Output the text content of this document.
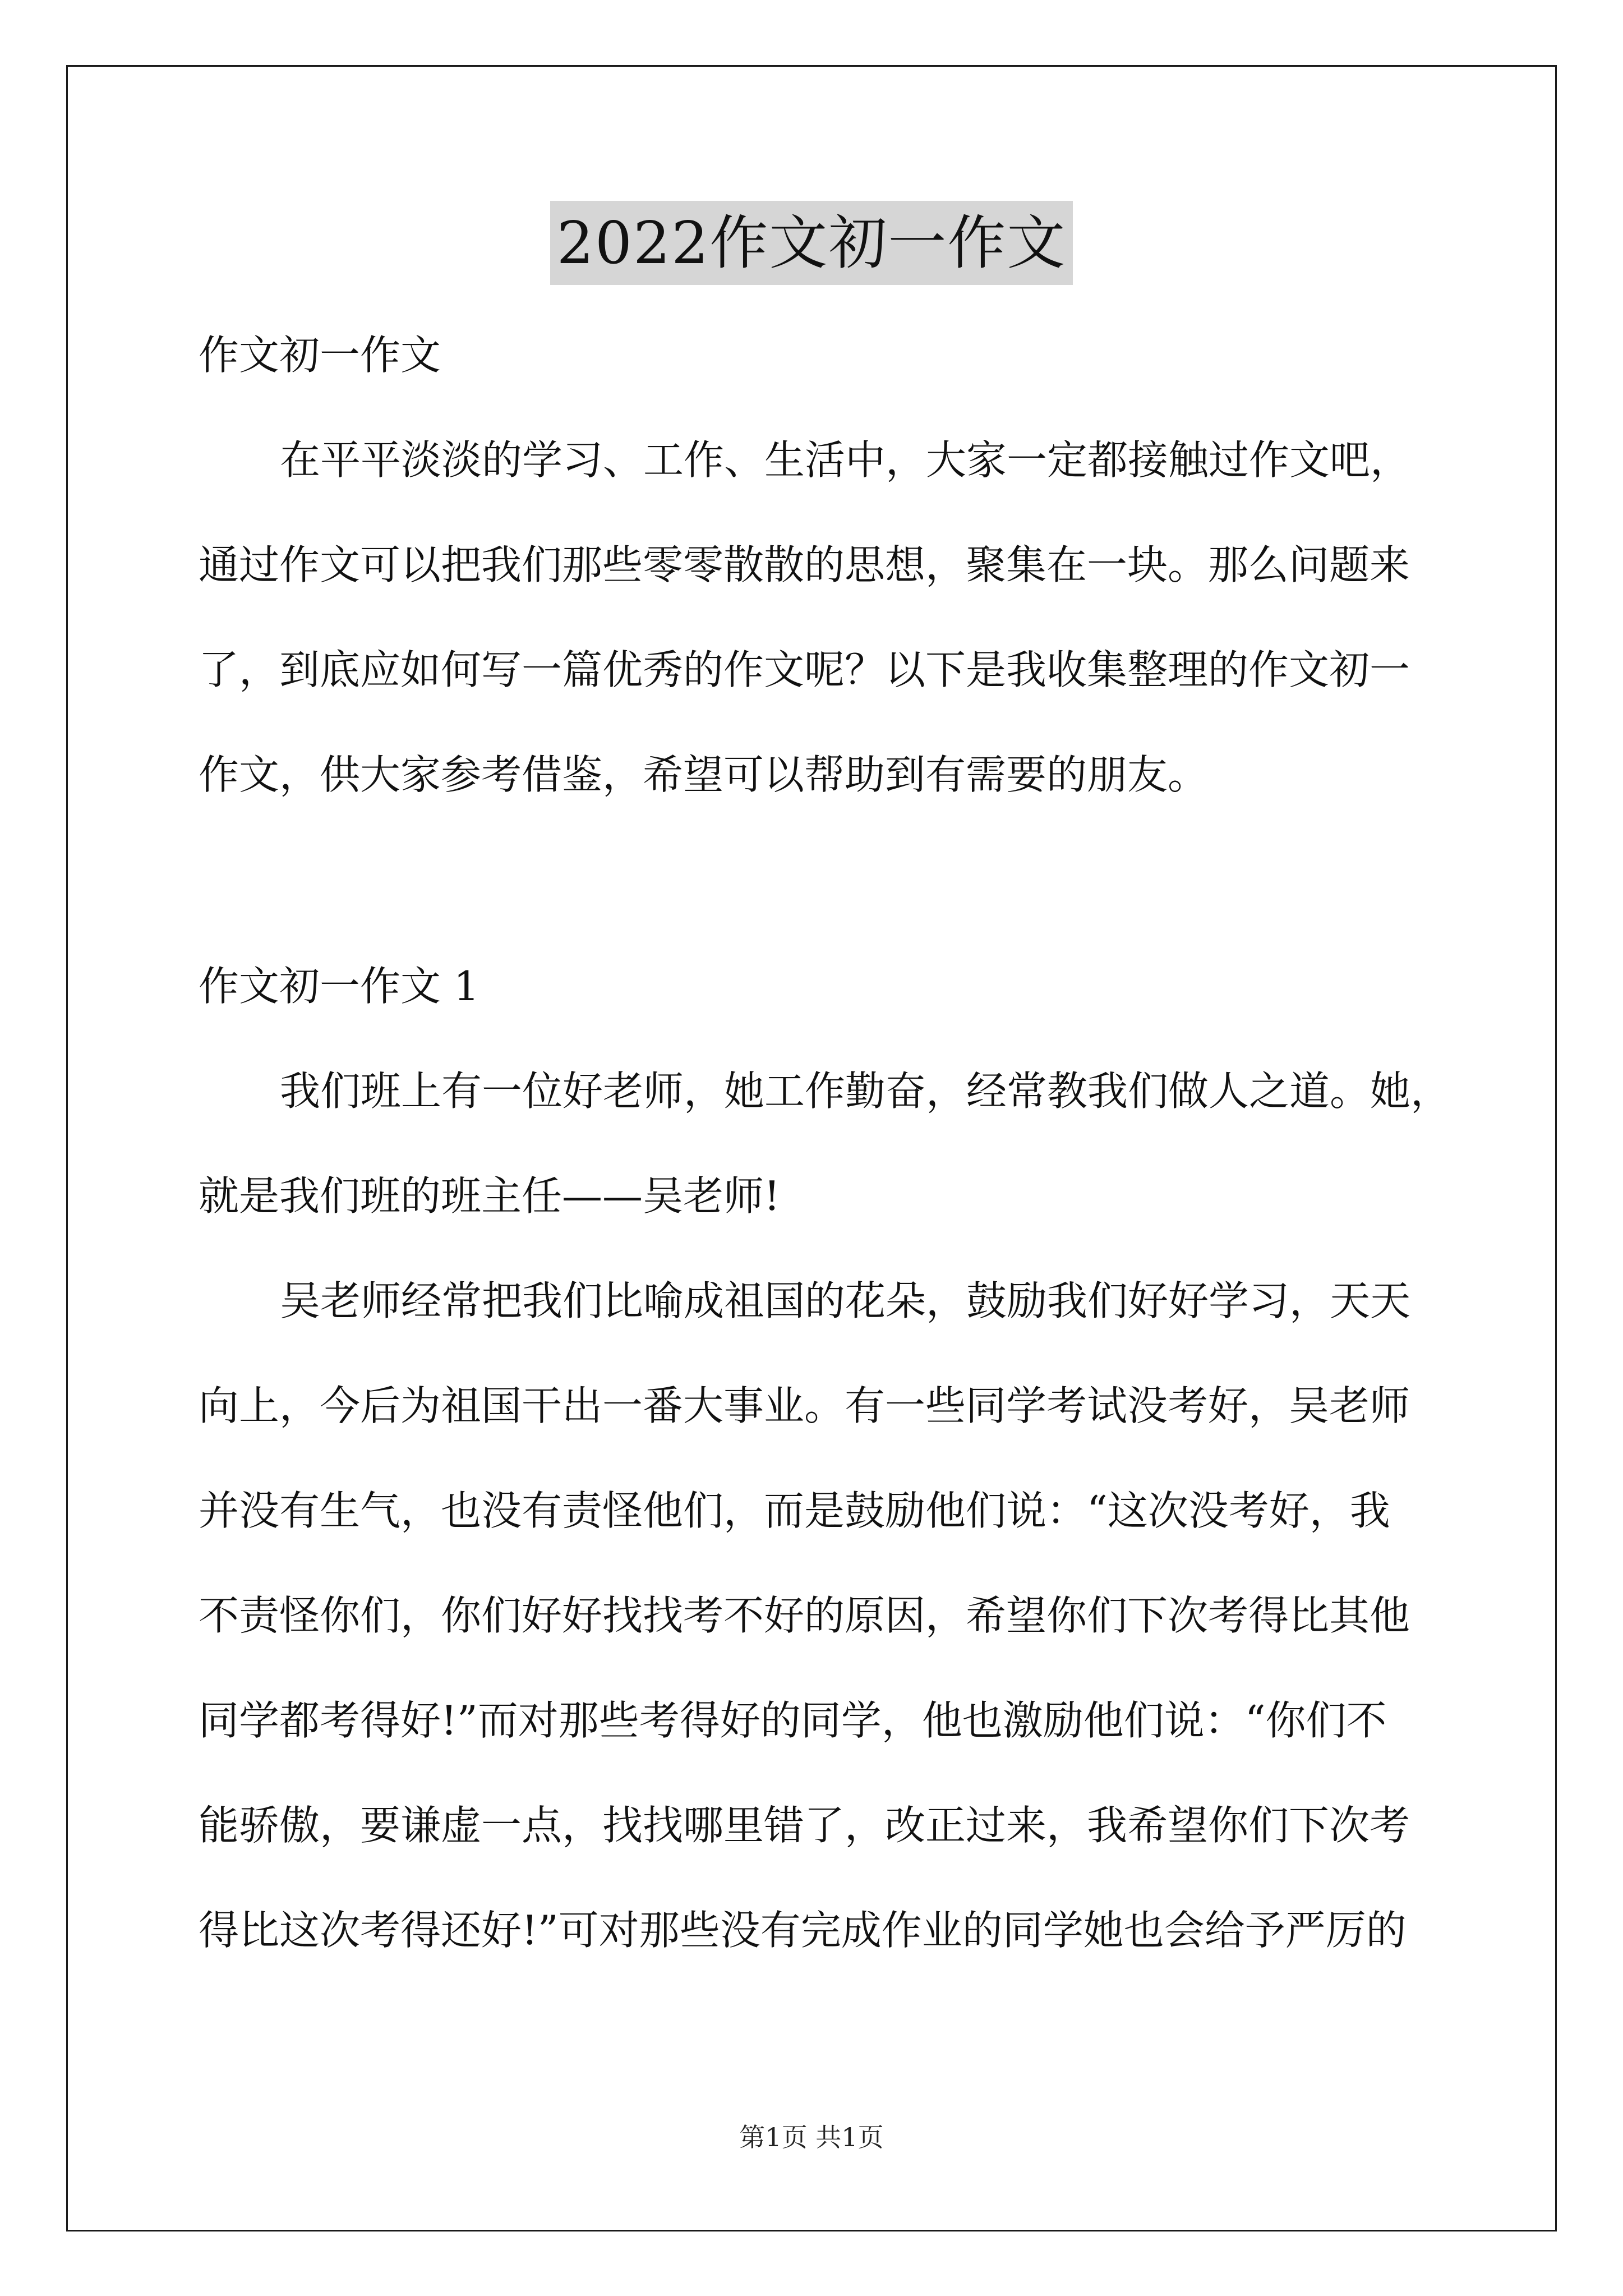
2022作文初一作文
作文初一作文
在平平淡淡的学习、工作、生活中，大家一定都接触过作文吧，
通过作文可以把我们那些零零散散的思想，聚集在一块。那么问题来
了，到底应如何写一篇优秀的作文呢？以下是我收集整理的作文初一
作文，供大家参考借鉴，希望可以帮助到有需要的朋友。
作文初一作文 1
我们班上有一位好老师，她工作勤奋，经常教我们做人之道。她，
就是我们班的班主任——吴老师!
吴老师经常把我们比喻成祖国的花朵，鼓励我们好好学习，天天
向上，今后为祖国干出一番大事业。有一些同学考试没考好，吴老师
并没有生气，也没有责怪他们，而是鼓励他们说：“这次没考好，我
不责怪你们，你们好好找找考不好的原因，希望你们下次考得比其他
同学都考得好!”而对那些考得好的同学，他也激励他们说：“你们不
能骄傲，要谦虚一点，找找哪里错了，改正过来，我希望你们下次考
得比这次考得还好!”可对那些没有完成作业的同学她也会给予严厉的
第1页 共1页
